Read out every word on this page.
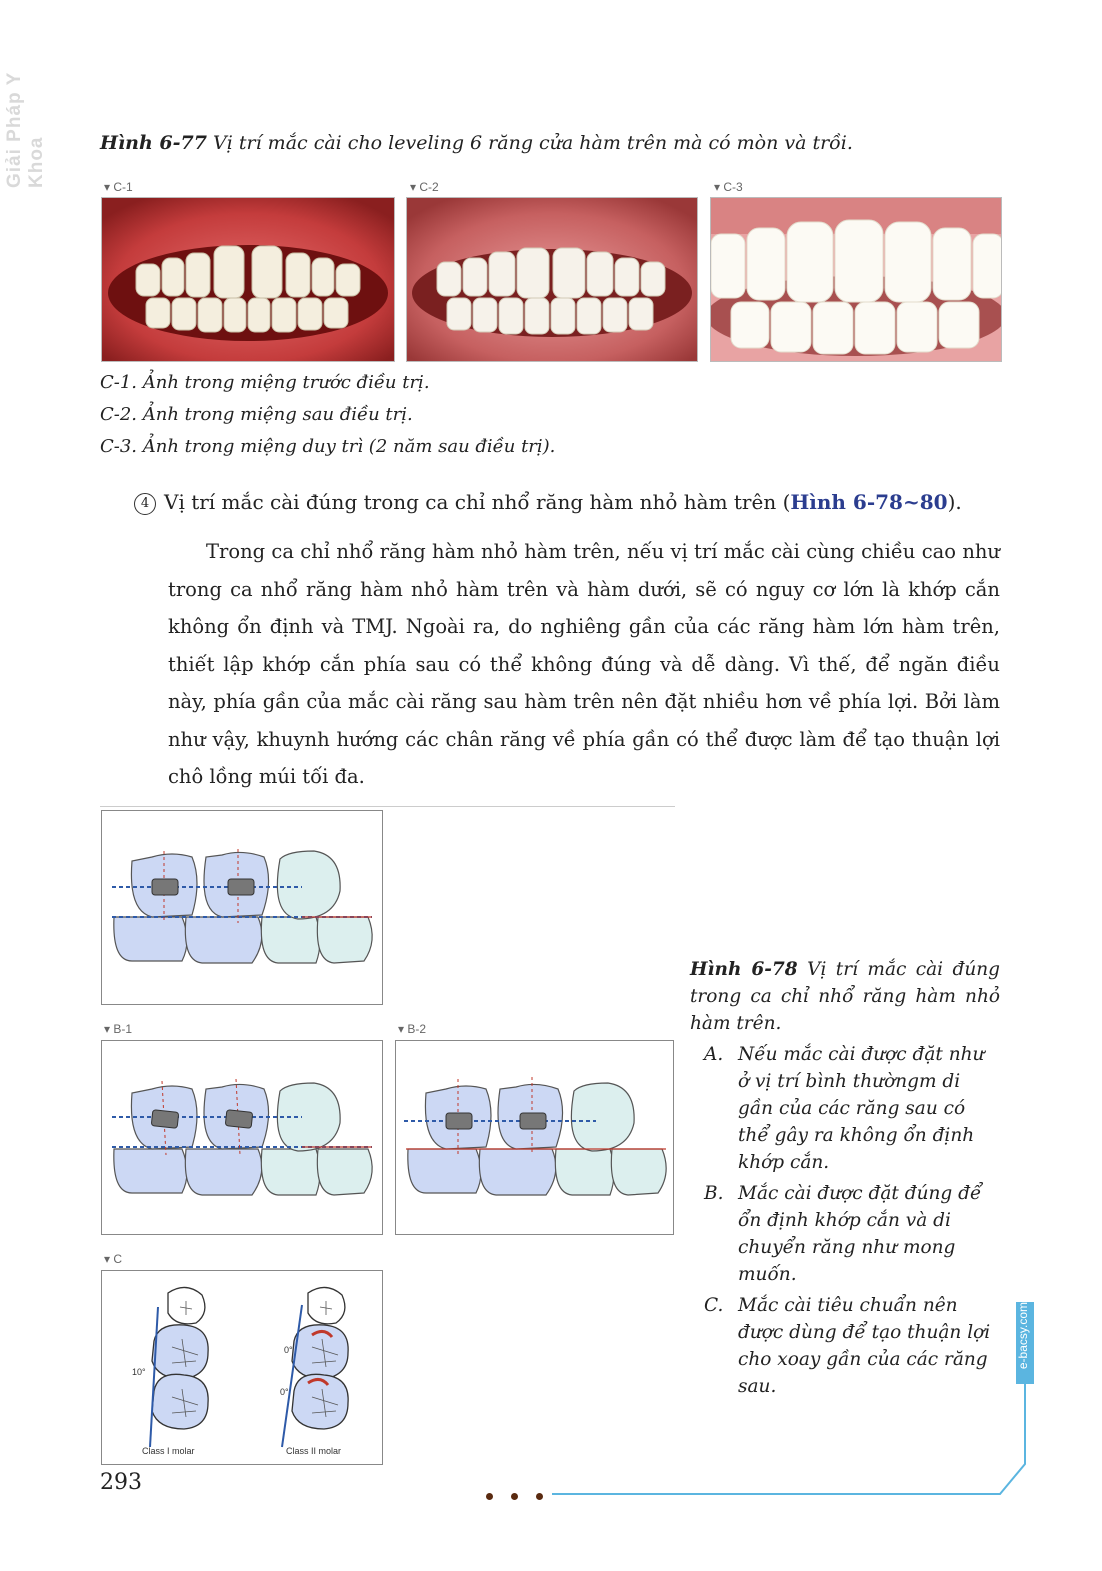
Giải Pháp Y Khoa	Hình 6-77 Vị trí mắc cài cho leveling 6 răng cửa hàm trên mà có mòn và trồi.
▾ C-1	▾ C-2	▾ C-3
C-1. Ảnh trong miệng trước điều trị.
C-2. Ảnh trong miệng sau điều trị.
C-3. Ảnh trong miệng duy trì (2 năm sau điều trị).
4 Vị trí mắc cài đúng trong ca chỉ nhổ răng hàm nhỏ hàm trên (Hình 6-78~80).

Trong ca chỉ nhổ răng hàm nhỏ hàm trên, nếu vị trí mắc cài cùng chiều cao như trong ca nhổ răng hàm nhỏ hàm trên và hàm dưới, sẽ có nguy cơ lớn là khớp cắn không ổn định và TMJ. Ngoài ra, do nghiêng gần của các răng hàm lớn hàm trên, thiết lập khớp cắn phía sau có thể không đúng và dễ dàng. Vì thế, để ngăn điều này, phía gần của mắc cài răng sau hàm trên nên đặt nhiều hơn về phía lợi. Bởi làm như vậy, khuynh hướng các chân răng về phía gần có thể được làm để tạo thuận lợi chô lồng múi tối đa.

▾ B-1	▾ B-2
▾ C
10°
0°
0°
Class I molar	Class II molar

Hình 6-78 Vị trí mắc cài đúng trong ca chỉ nhổ răng hàm nhỏ hàm trên.

A. Nếu mắc cài được đặt như ở vị trí bình thườngm di gần của các răng sau có thể gây ra không ổn định khớp cắn.
B. Mắc cài được đặt đúng để ổn định khớp cắn và di chuyển răng như mong muốn.
C. Mắc cài tiêu chuẩn nên được dùng để tạo thuận lợi cho xoay gần của các răng sau.
e-bacsy.com
293
